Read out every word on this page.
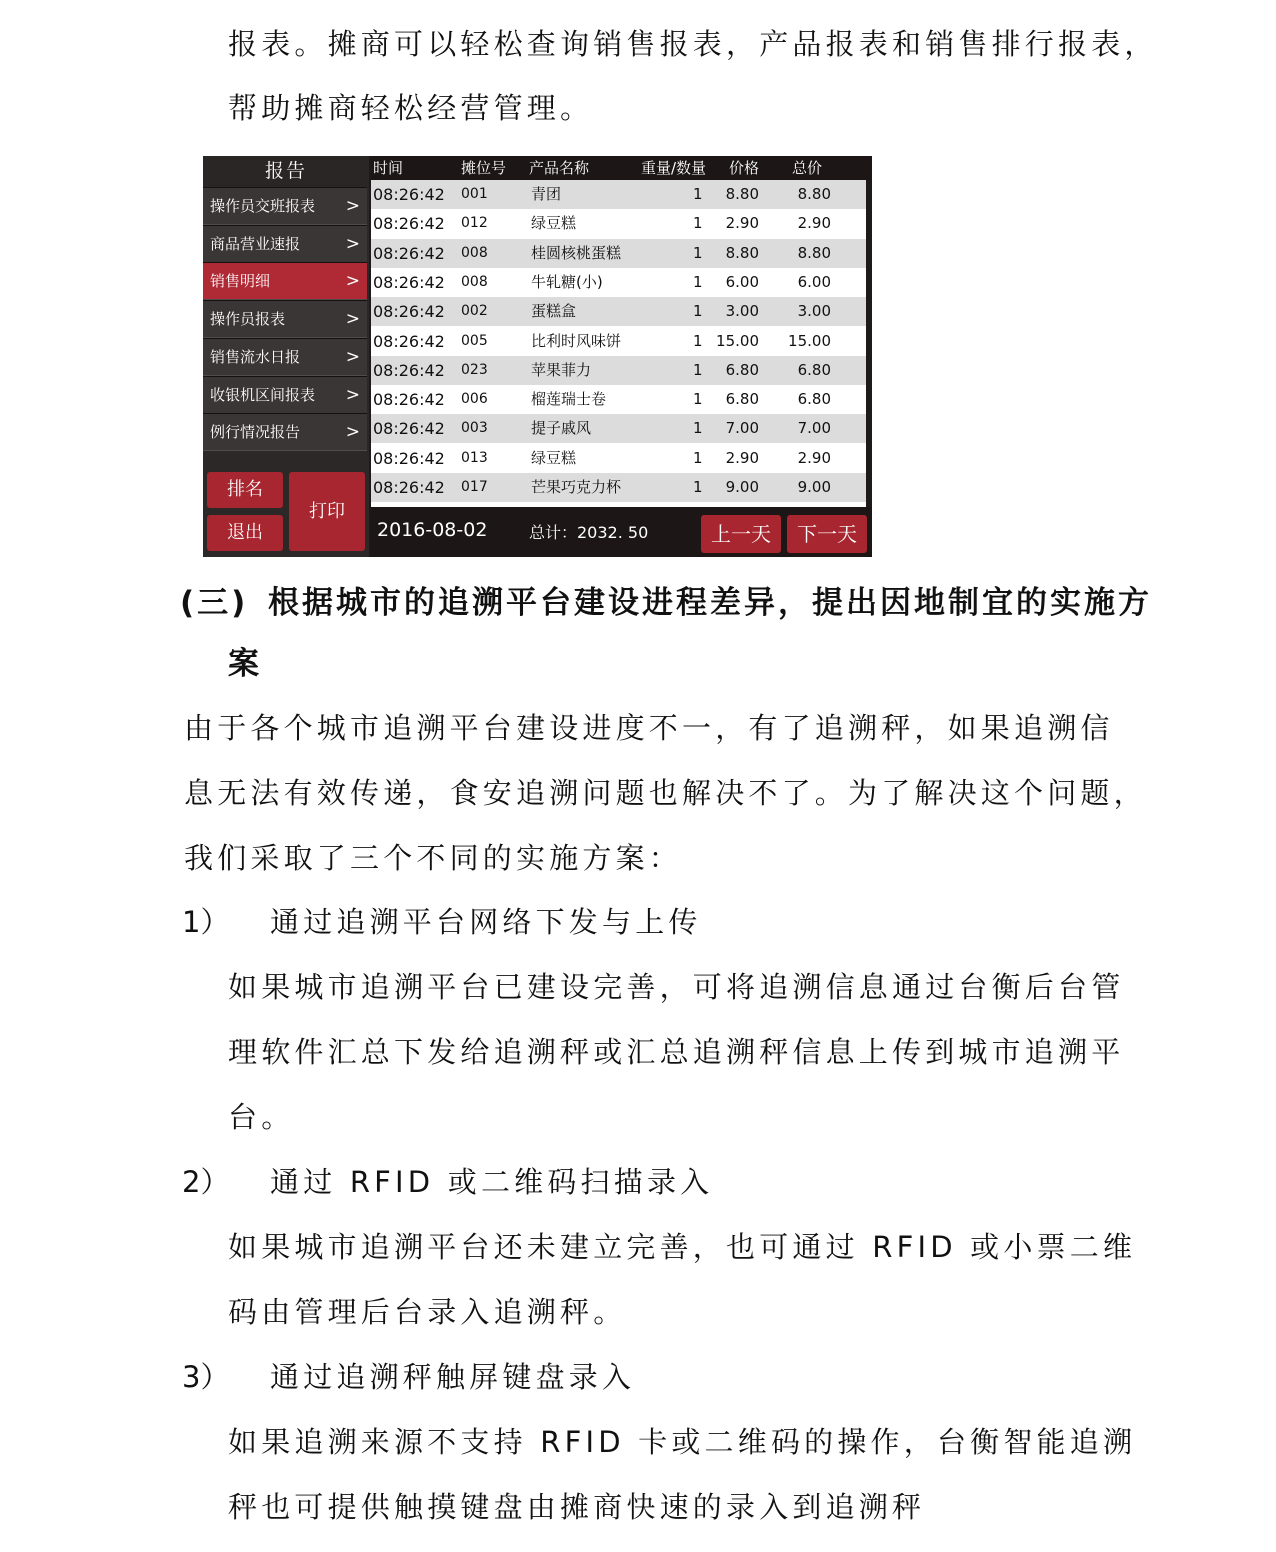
报表。摊商可以轻松查询销售报表，产品报表和销售排行报表，
帮助摊商轻松经营管理。
报告
操作员交班报表 >
商品营业速报	>
销售明细	>
操作员报表	>
销售流水日报	>
收银机区间报表 >
例行情况报告	>
排名
退出
打印
时间	摊位号 产品名称	重量/数量 价格 总价
08:26:42 001	青团	1	8.80	8.80
08:26:42 012	绿豆糕	1	2.90	2.90
08:26:42 008	桂圆核桃蛋糕	1	8.80	8.80
08:26:42 008	牛轧糖(小)	1	6.00	6.00
08:26:42 002	蛋糕盒	1	3.00	3.00
08:26:42 005	比利时风味饼	1 15.00 15.00
08:26:42 023	苹果菲力	1	6.80	6.80
08:26:42 006	榴莲瑞士卷	1	6.80	6.80
08:26:42 003	提子戚风	1	7.00	7.00
08:26:42 013	绿豆糕	1	2.90	2.90
08:26:42 017	芒果巧克力杯	1	9.00	9.00
2016-08-02	总计：2032. 50	上一天	下一天
(三) 根据城市的追溯平台建设进程差异，提出因地制宜的实施方
案
由于各个城市追溯平台建设进度不一，有了追溯秤，如果追溯信
息无法有效传递，食安追溯问题也解决不了。为了解决这个问题，
我们采取了三个不同的实施方案：
1） 通过追溯平台网络下发与上传
如果城市追溯平台已建设完善，可将追溯信息通过台衡后台管
理软件汇总下发给追溯秤或汇总追溯秤信息上传到城市追溯平
台。
2） 通过 RFID 或二维码扫描录入
如果城市追溯平台还未建立完善，也可通过 RFID 或小票二维
码由管理后台录入追溯秤。
3） 通过追溯秤触屏键盘录入
如果追溯来源不支持 RFID 卡或二维码的操作，台衡智能追溯
秤也可提供触摸键盘由摊商快速的录入到追溯秤
